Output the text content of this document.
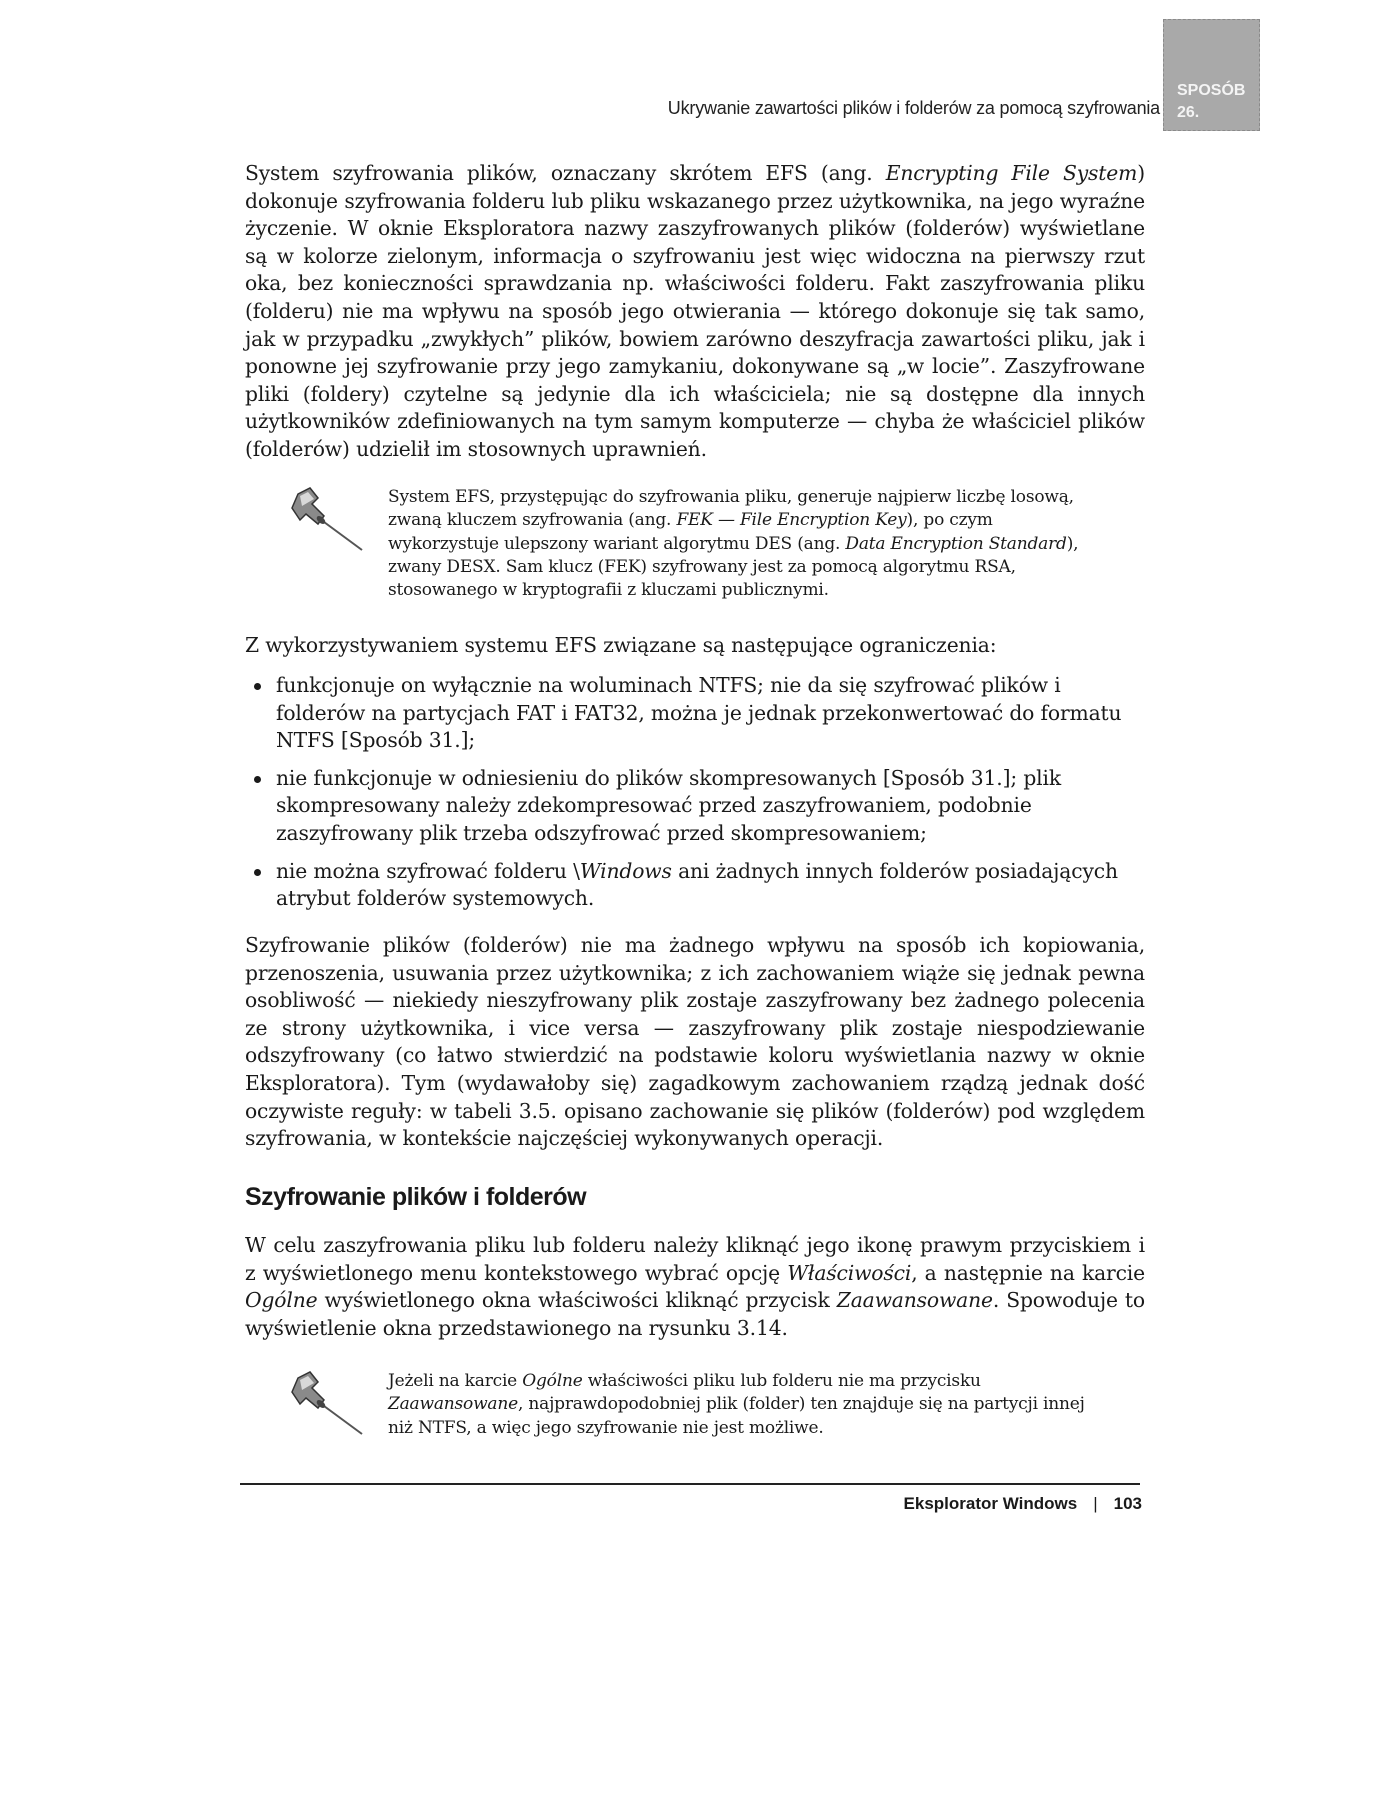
Ukrywanie zawartości plików i folderów za pomocą szyfrowania
SPOSÓB
26.

System szyfrowania plików, oznaczany skrótem EFS (ang. Encrypting File System) dokonuje szyfrowania folderu lub pliku wskazanego przez użytkownika, na jego wyraźne życzenie. W oknie Eksploratora nazwy zaszyfrowanych plików (folderów) wyświetlane są w kolorze zielonym, informacja o szyfrowaniu jest więc widoczna na pierwszy rzut oka, bez konieczności sprawdzania np. właściwości folderu. Fakt zaszyfrowania pliku (folderu) nie ma wpływu na sposób jego otwierania — którego dokonuje się tak samo, jak w przypadku „zwykłych” plików, bowiem zarówno deszyfracja zawartości pliku, jak i ponowne jej szyfrowanie przy jego zamykaniu, dokonywane są „w locie”. Zaszyfrowane pliki (foldery) czytelne są jedynie dla ich właściciela; nie są dostępne dla innych użytkowników zdefiniowanych na tym samym komputerze — chyba że właściciel plików (folderów) udzielił im stosownych uprawnień.

System EFS, przystępując do szyfrowania pliku, generuje najpierw liczbę losową, zwaną kluczem szyfrowania (ang. FEK — File Encryption Key), po czym wykorzystuje ulepszony wariant algorytmu DES (ang. Data Encryption Standard), zwany DESX. Sam klucz (FEK) szyfrowany jest za pomocą algorytmu RSA, stosowanego w kryptografii z kluczami publicznymi.

Z wykorzystywaniem systemu EFS związane są następujące ograniczenia:

funkcjonuje on wyłącznie na woluminach NTFS; nie da się szyfrować plików i folderów na partycjach FAT i FAT32, można je jednak przekonwertować do formatu NTFS [Sposób 31.];
nie funkcjonuje w odniesieniu do plików skompresowanych [Sposób 31.]; plik skompresowany należy zdekompresować przed zaszyfrowaniem, podobnie zaszyfrowany plik trzeba odszyfrować przed skompresowaniem;
nie można szyfrować folderu \Windows ani żadnych innych folderów posiadających atrybut folderów systemowych.

Szyfrowanie plików (folderów) nie ma żadnego wpływu na sposób ich kopiowania, przenoszenia, usuwania przez użytkownika; z ich zachowaniem wiąże się jednak pewna osobliwość — niekiedy nieszyfrowany plik zostaje zaszyfrowany bez żadnego polecenia ze strony użytkownika, i vice versa — zaszyfrowany plik zostaje niespodziewanie odszyfrowany (co łatwo stwierdzić na podstawie koloru wyświetlania nazwy w oknie Eksploratora). Tym (wydawałoby się) zagadkowym zachowaniem rządzą jednak dość oczywiste reguły: w tabeli 3.5. opisano zachowanie się plików (folderów) pod względem szyfrowania, w kontekście najczęściej wykonywanych operacji.

Szyfrowanie plików i folderów

W celu zaszyfrowania pliku lub folderu należy kliknąć jego ikonę prawym przyciskiem i z wyświetlonego menu kontekstowego wybrać opcję Właściwości, a następnie na karcie Ogólne wyświetlonego okna właściwości kliknąć przycisk Zaawansowane. Spowoduje to wyświetlenie okna przedstawionego na rysunku 3.14.

Jeżeli na karcie Ogólne właściwości pliku lub folderu nie ma przycisku Zaawansowane, najprawdopodobniej plik (folder) ten znajduje się na partycji innej niż NTFS, a więc jego szyfrowanie nie jest możliwe.
Eksplorator Windows | 103
